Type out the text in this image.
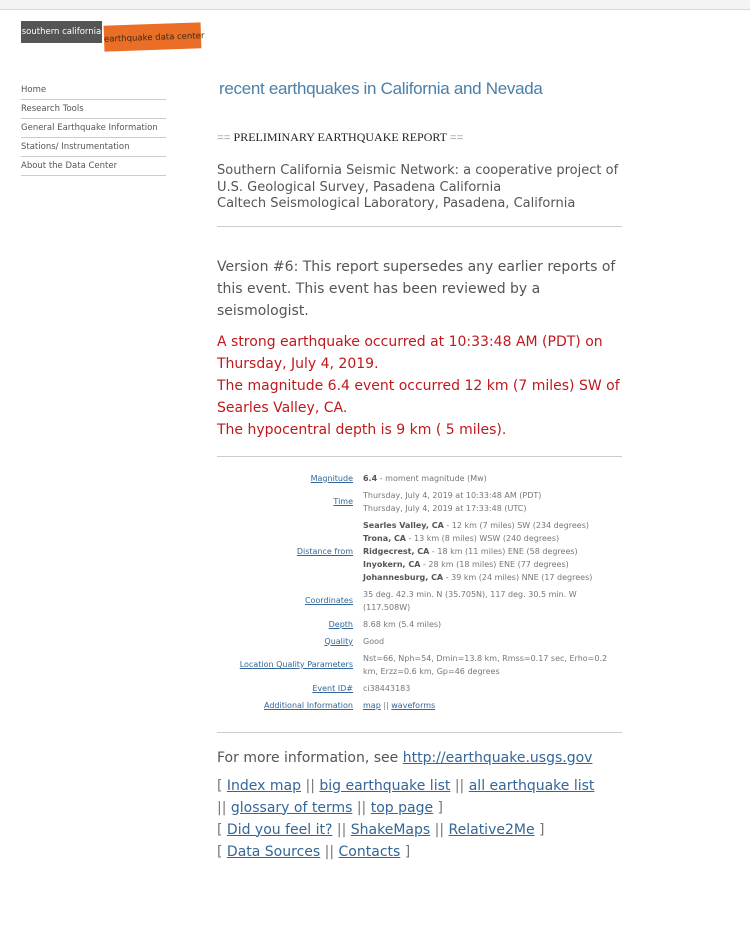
southern california earthquake data center
Home
Research Tools
General Earthquake Information
Stations/ Instrumentation
About the Data Center
recent earthquakes in California and Nevada
== PRELIMINARY EARTHQUAKE REPORT ==
Southern California Seismic Network: a cooperative project of
U.S. Geological Survey, Pasadena California
Caltech Seismological Laboratory, Pasadena, California
Version #6: This report supersedes any earlier reports of this event. This event has been reviewed by a seismologist.
A strong earthquake occurred at 10:33:48 AM (PDT) on Thursday, July 4, 2019.
The magnitude 6.4 event occurred 12 km (7 miles) SW of Searles Valley, CA.
The hypocentral depth is 9 km ( 5 miles).
Magnitude 6.4 - moment magnitude (Mw)
Time
Thursday, July 4, 2019 at 10:33:48 AM (PDT)
Thursday, July 4, 2019 at 17:33:48 (UTC)
Distance from
Searles Valley, CA - 12 km (7 miles) SW (234 degrees)
Trona, CA - 13 km (8 miles) WSW (240 degrees)
Ridgecrest, CA - 18 km (11 miles) ENE (58 degrees)
Inyokern, CA - 28 km (18 miles) ENE (77 degrees)
Johannesburg, CA - 39 km (24 miles) NNE (17 degrees)
Coordinates
35 deg. 42.3 min. N (35.705N), 117 deg. 30.5 min. W (117.508W)
Depth 8.68 km (5.4 miles)
Quality Good
Location Quality Parameters
Nst=66, Nph=54, Dmin=13.8 km, Rmss=0.17 sec, Erho=0.2 km, Erzz=0.6 km, Gp=46 degrees
Event ID# ci38443183
Additional Information map || waveforms
For more information, see http://earthquake.usgs.gov
[ Index map || big earthquake list || all earthquake list
|| glossary of terms || top page ]
[ Did you feel it? || ShakeMaps || Relative2Me ]
[ Data Sources || Contacts ]
